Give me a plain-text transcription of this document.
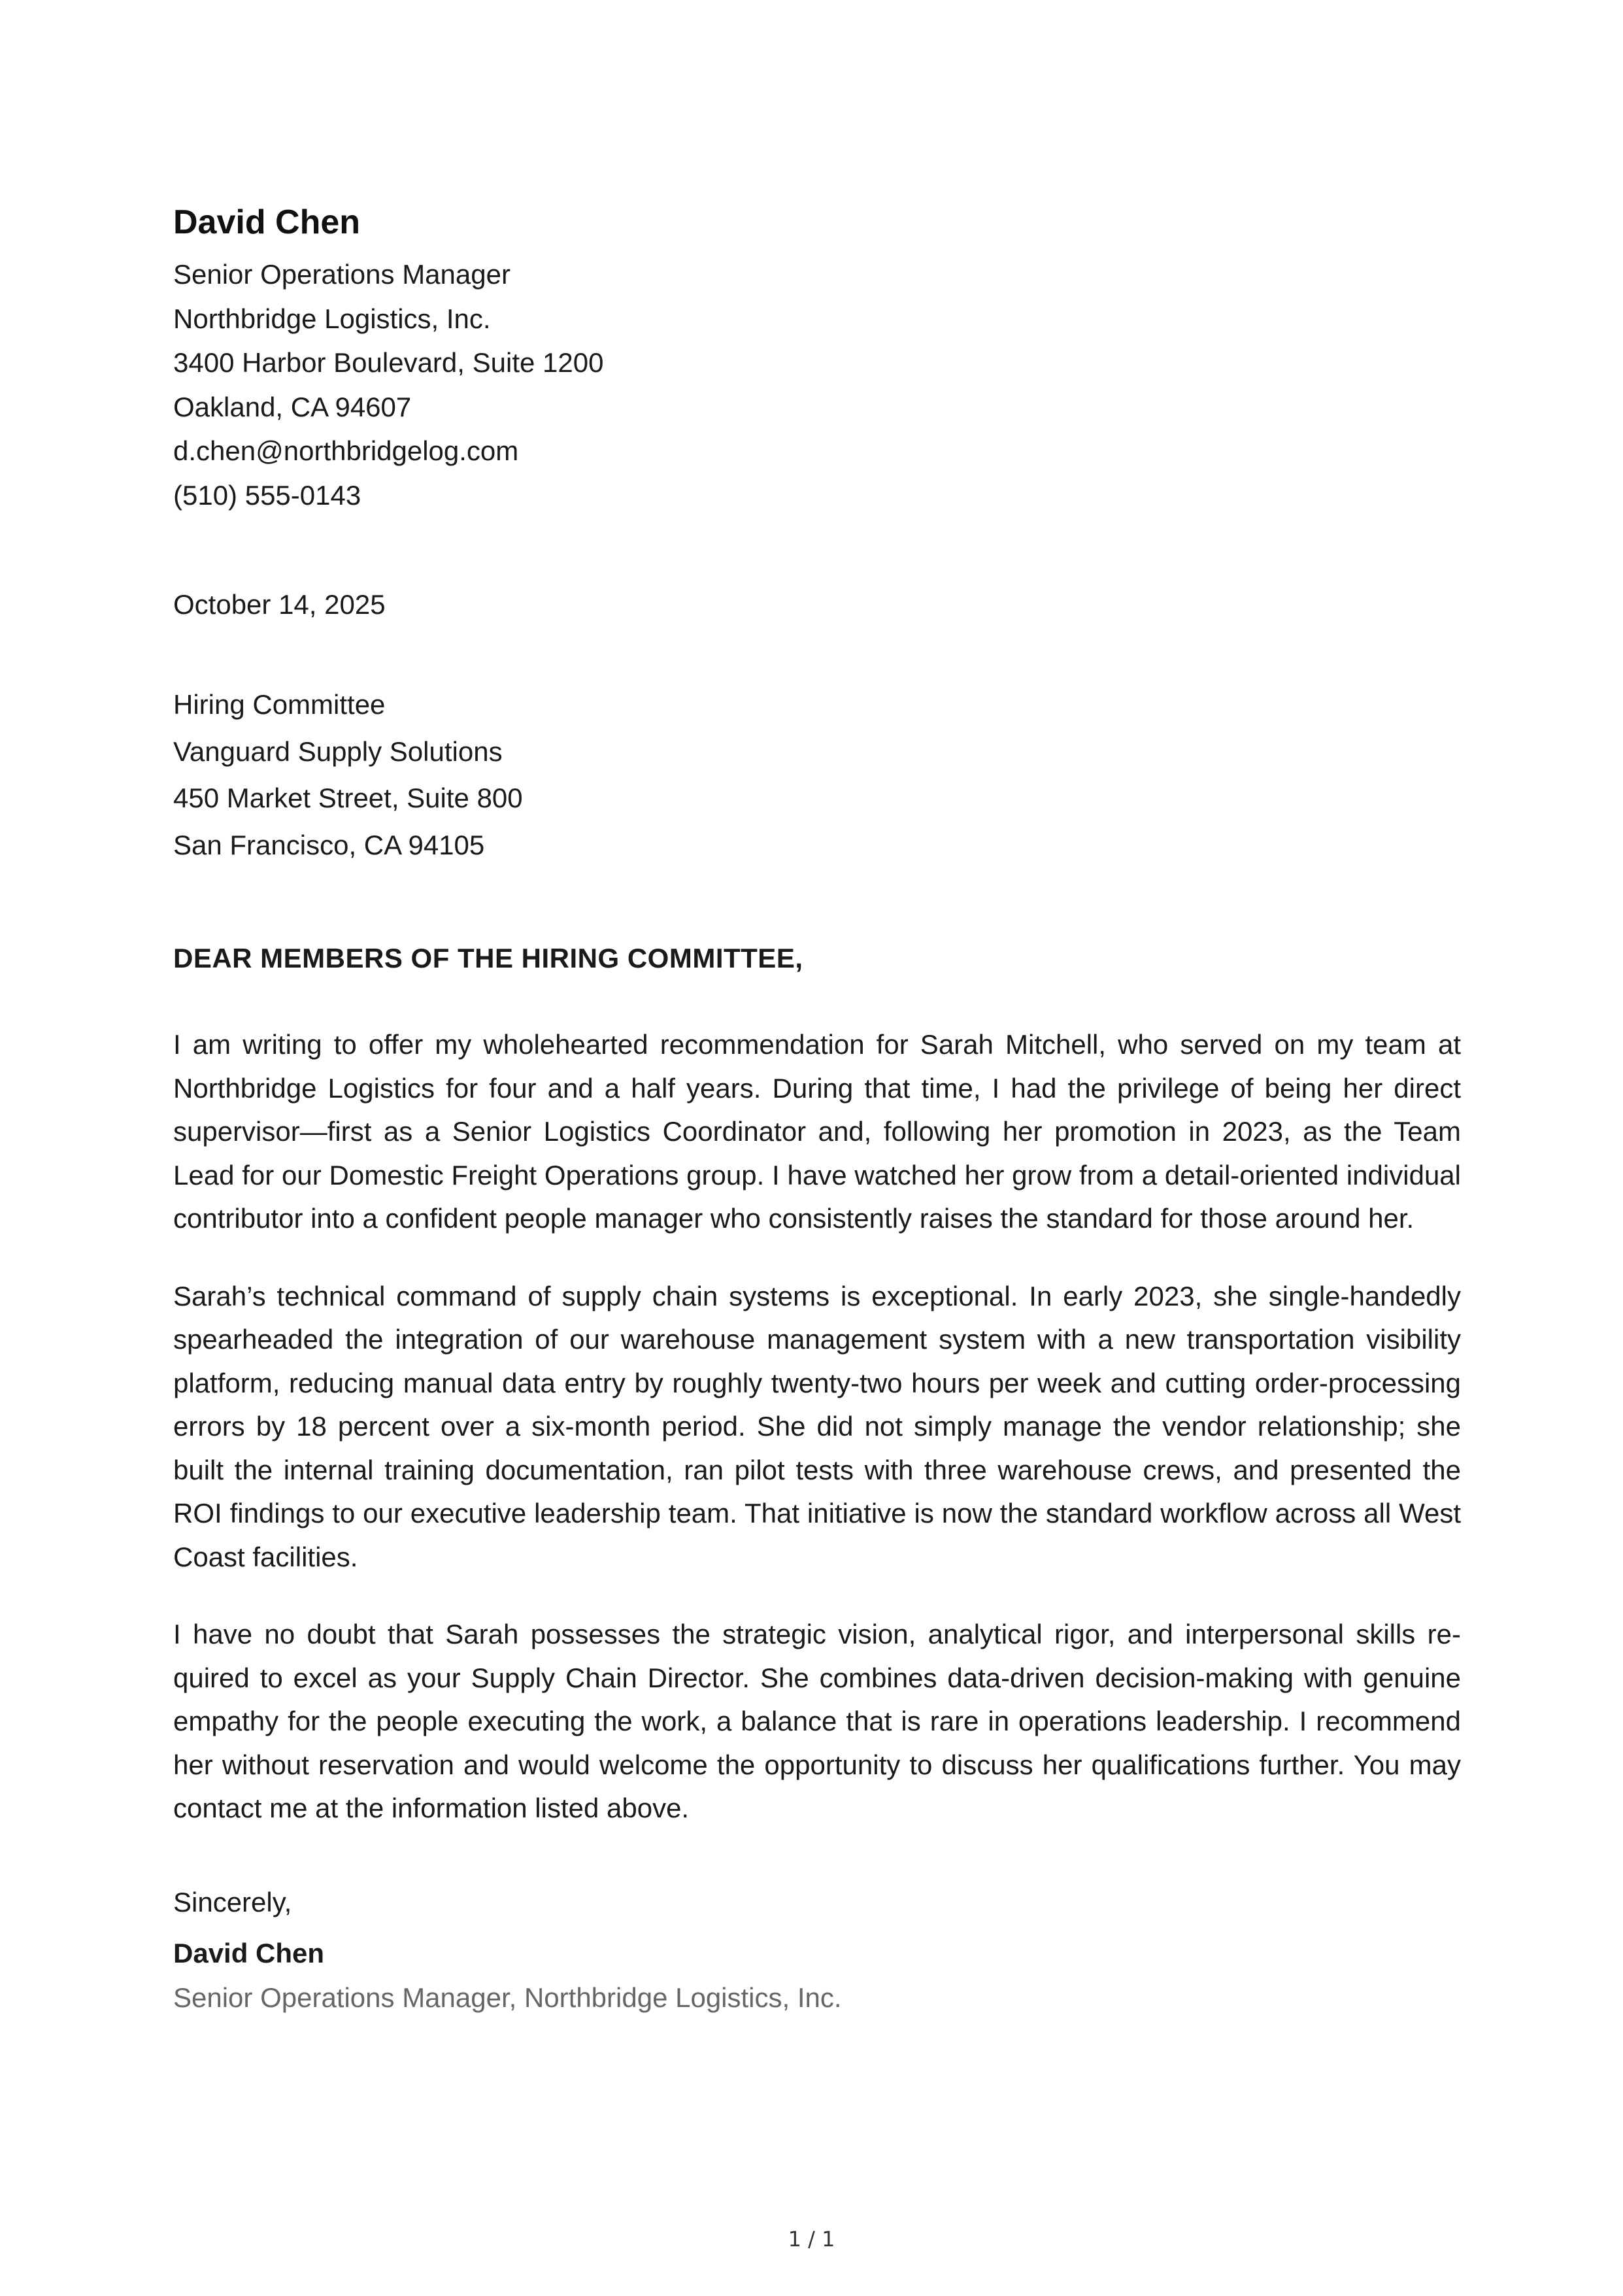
David Chen

Senior Operations Manager

Northbridge Logistics, Inc.

3400 Harbor Boulevard, Suite 1200

Oakland, CA 94607

d.chen@northbridgelog.com

(510) 555-0143

October 14, 2025

Hiring Committee

Vanguard Supply Solutions

450 Market Street, Suite 800

San Francisco, CA 94105

DEAR MEMBERS OF THE HIRING COMMITTEE,

I am writing to offer my wholehearted recommendation for Sarah Mitchell, who served on my team at Northbridge Logistics for four and a half years. During that time, I had the privilege of being her direct supervisor—first as a Senior Logistics Coordinator and, following her promotion in 2023, as the Team Lead for our Domestic Freight Operations group. I have watched her grow from a detail-oriented individual contributor into a confident people manager who consistently raises the standard for those around her.

Sarah’s technical command of supply chain systems is exceptional. In early 2023, she single-handedly spearheaded the integration of our warehouse management system with a new transportation visibility platform, reducing manual data entry by roughly twenty-two hours per week and cutting order-processing errors by 18 percent over a six-month period. She did not simply manage the vendor relationship; she built the internal training documentation, ran pilot tests with three warehouse crews, and presented the ROI findings to our executive leadership team. That initiative is now the standard workflow across all West Coast facilities.

I have no doubt that Sarah possesses the strategic vision, analytical rigor, and interpersonal skills required to excel as your Supply Chain Director. She combines data-driven decision-making with genuine empathy for the people executing the work, a balance that is rare in operations leadership. I recommend her without reservation and would welcome the opportunity to discuss her qualifications further. You may contact me at the information listed above.

Sincerely,

David Chen

Senior Operations Manager, Northbridge Logistics, Inc.

1 / 1
